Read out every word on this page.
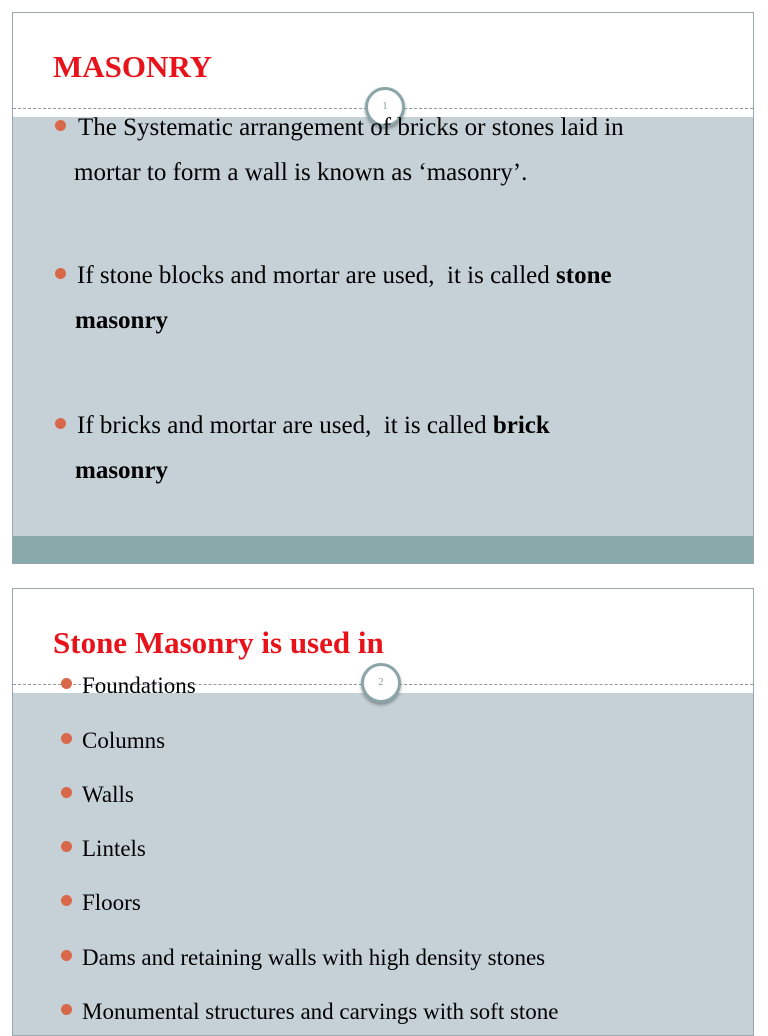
MASONRY
1
The Systematic arrangement of bricks or stones laid in
mortar to form a wall is known as ‘masonry’.
If stone blocks and mortar are used,  it is called stone
masonry
If bricks and mortar are used,  it is called brick
masonry
Stone Masonry is used in
2
Foundations
Columns
Walls
Lintels
Floors
Dams and retaining walls with high density stones
Monumental structures and carvings with soft stone
